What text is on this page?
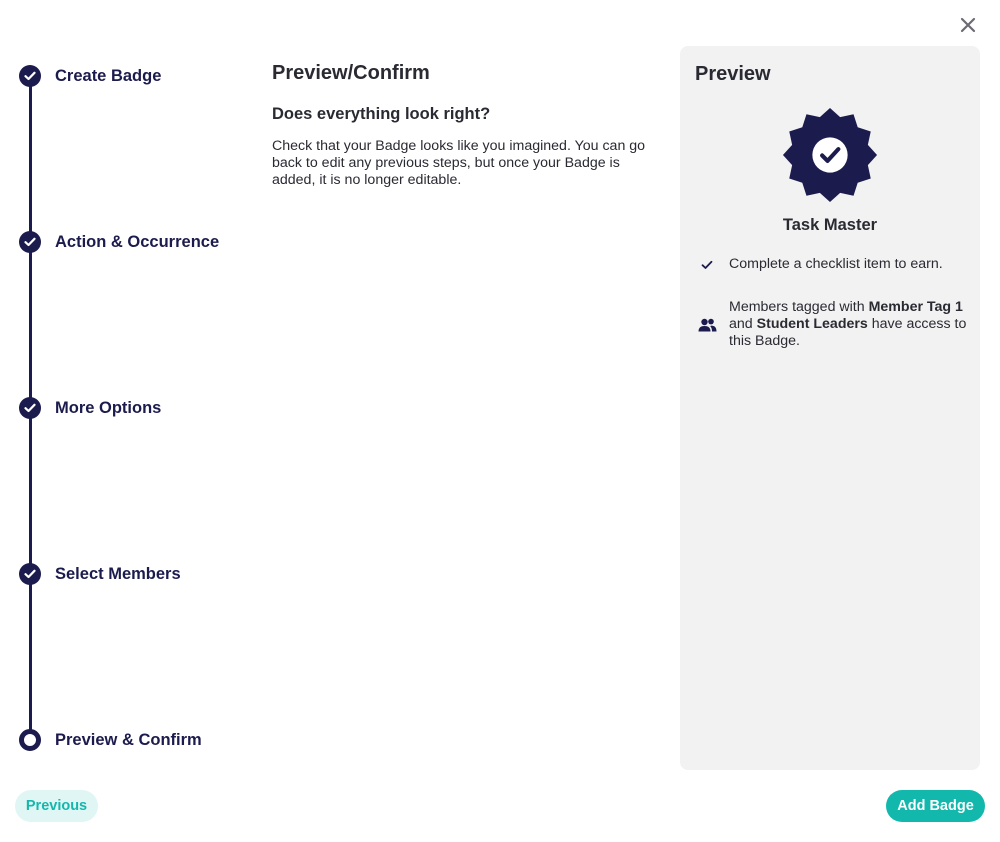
Create Badge
Action & Occurrence
More Options
Select Members
Preview & Confirm
Preview/Confirm
Does everything look right?

Check that your Badge looks like you imagined. You can go back to edit any previous steps, but once your Badge is added, it is no longer editable.

Preview
Task Master
Complete a checklist item to earn.
Members tagged with Member Tag 1 and Student Leaders have access to this Badge.
Previous	Add Badge
